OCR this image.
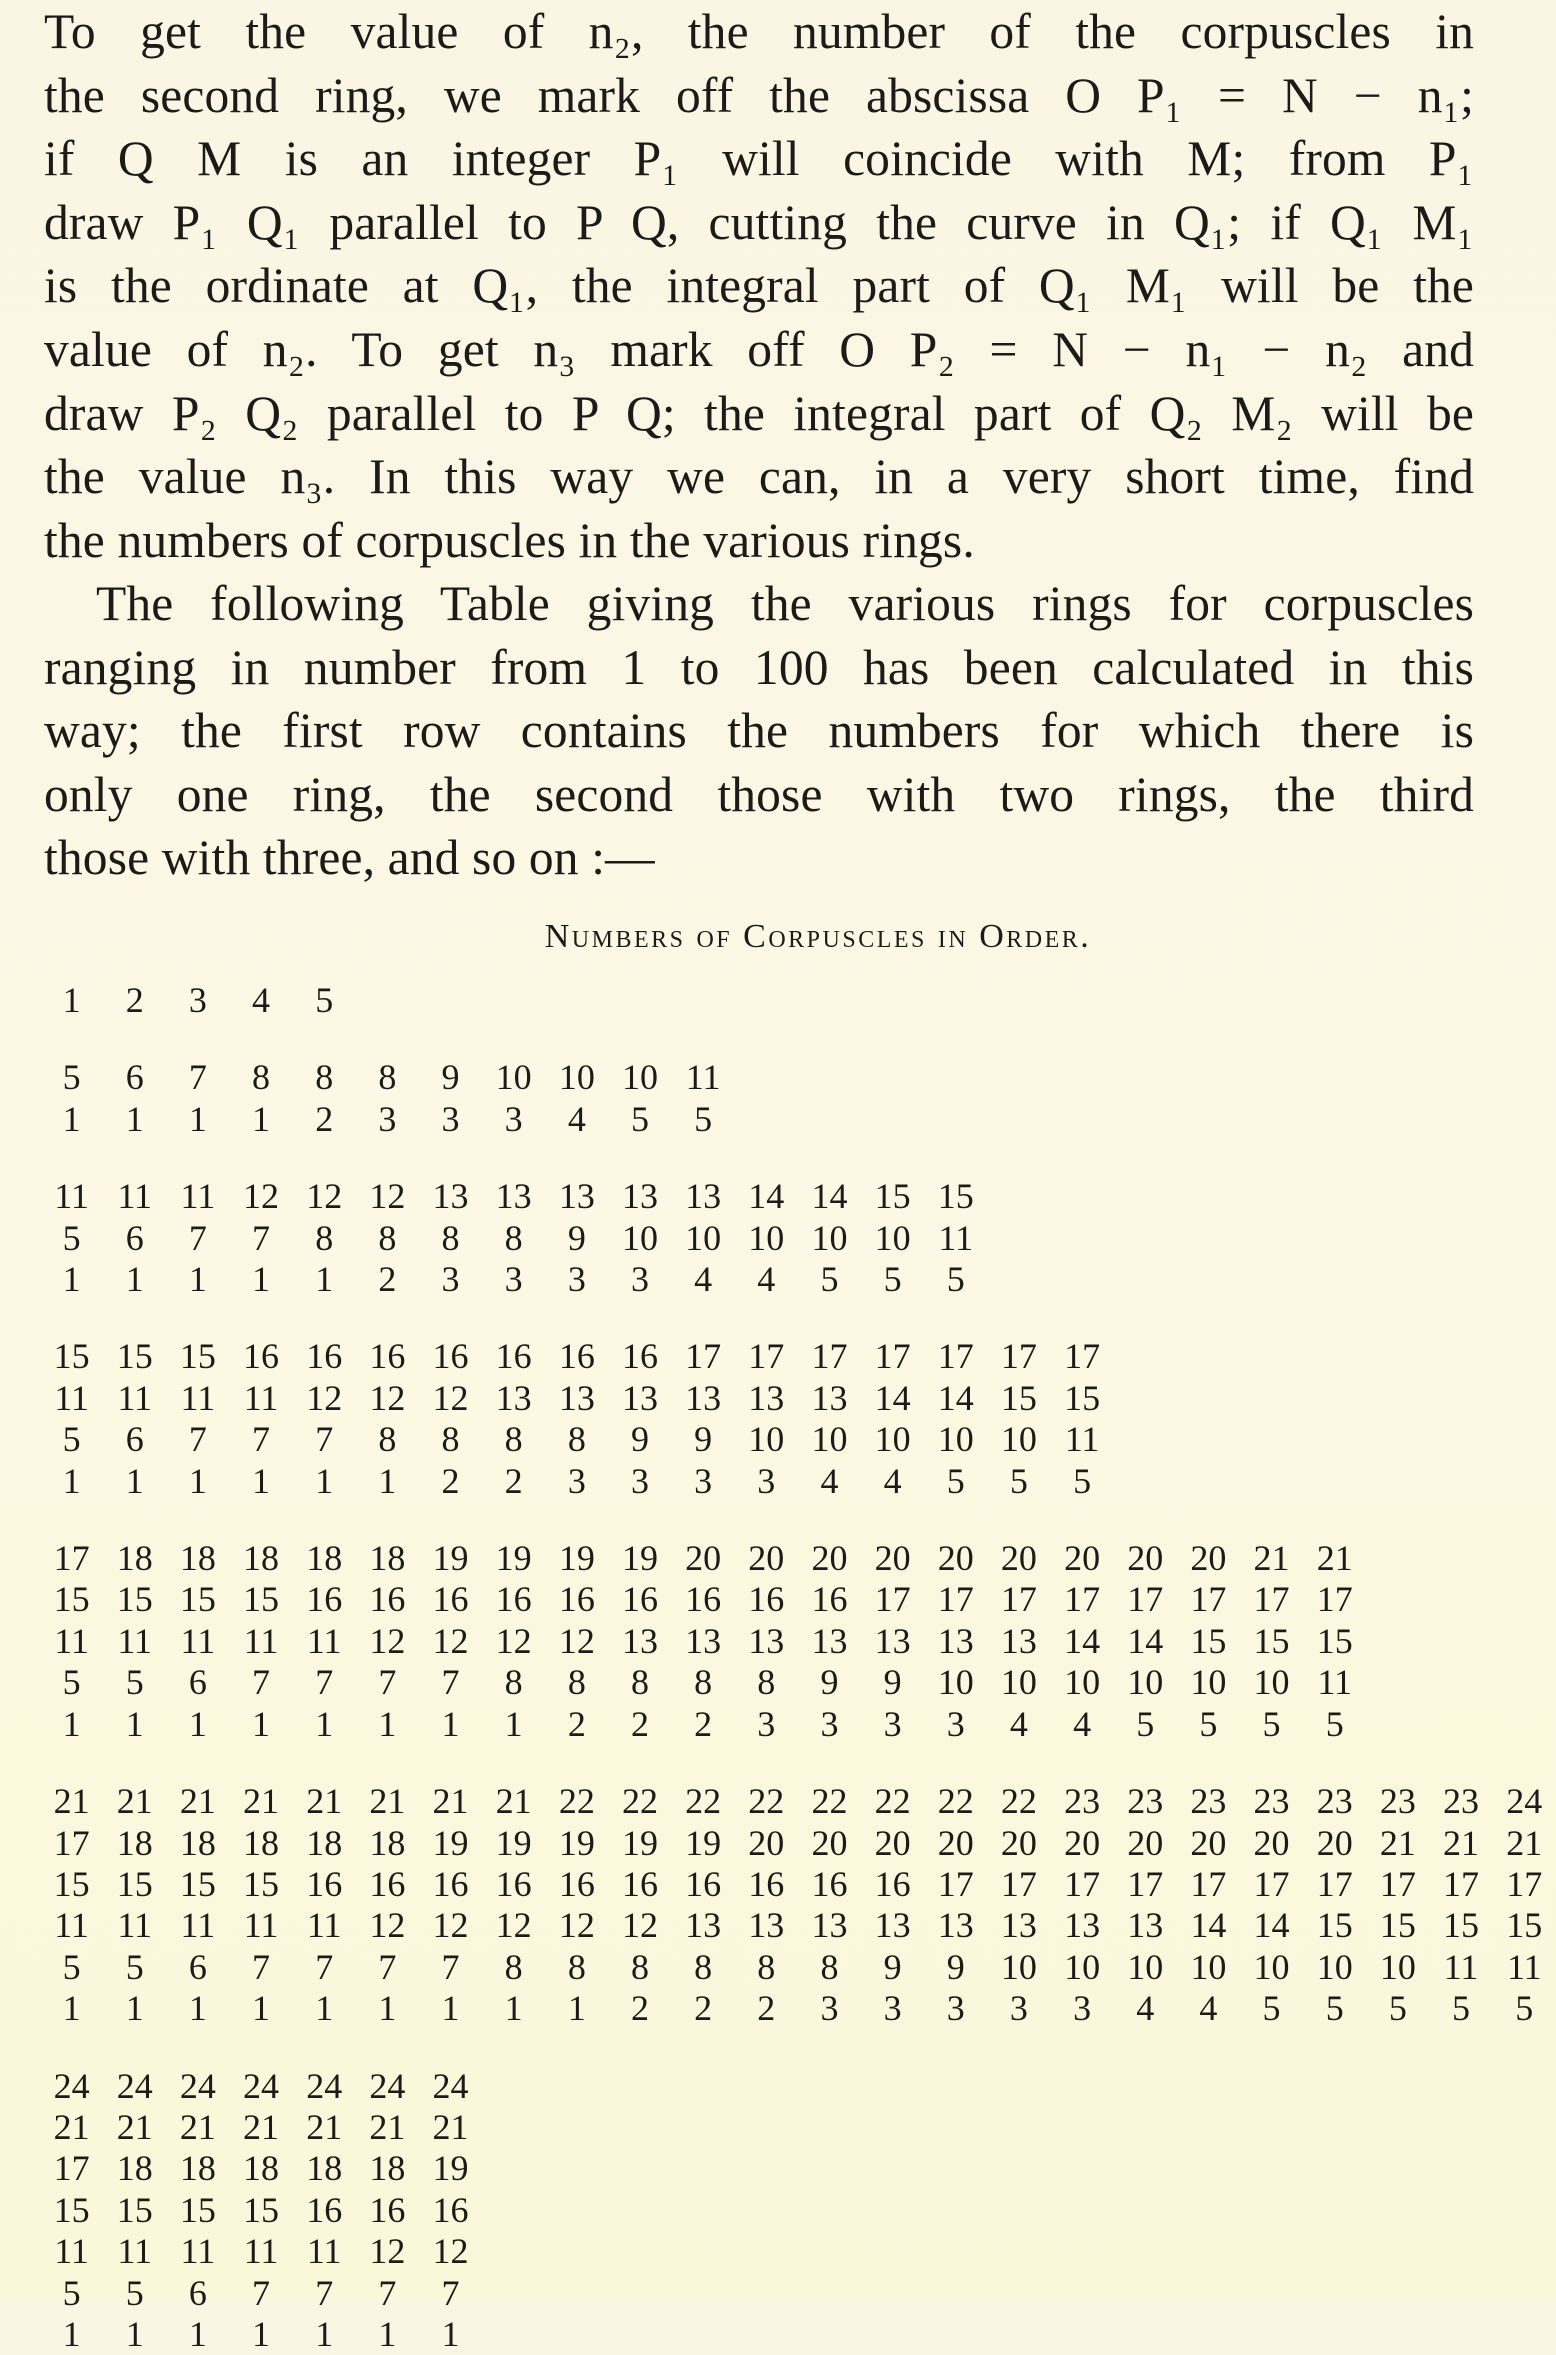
To get the value of n₂, the number of the corpuscles in
the second ring, we mark off the abscissa O P₁ = N − n₁;
if Q M is an integer P₁ will coincide with M; from P₁
draw P₁ Q₁ parallel to P Q, cutting the curve in Q₁; if Q₁ M₁
is the ordinate at Q₁, the integral part of Q₁ M₁ will be the
value of n₂. To get n₃ mark off O P₂ = N − n₁ − n₂ and
draw P₂ Q₂ parallel to P Q; the integral part of Q₂ M₂ will be
the value n₃. In this way we can, in a very short time, find
the numbers of corpuscles in the various rings.

The following Table giving the various rings for corpuscles
ranging in number from 1 to 100 has been calculated in this
way; the first row contains the numbers for which there is
only one ring, the second those with two rings, the third
those with three, and so on :—

Numbers of Corpuscles in Order.
1	2	3	4	5																			

5	6	7	8	8	8	9	10	10	10	11													
1	1	1	1	2	3	3	3	4	5	5													

11	11	11	12	12	12	13	13	13	13	13	14	14	15	15									
5	6	7	7	8	8	8	8	9	10	10	10	10	10	11									
1	1	1	1	1	2	3	3	3	3	4	4	5	5	5									

15	15	15	16	16	16	16	16	16	16	17	17	17	17	17	17	17							
11	11	11	11	12	12	12	13	13	13	13	13	13	14	14	15	15							
5	6	7	7	7	8	8	8	8	9	9	10	10	10	10	10	11							
1	1	1	1	1	1	2	2	3	3	3	3	4	4	5	5	5							

17	18	18	18	18	18	19	19	19	19	20	20	20	20	20	20	20	20	20	21	21			
15	15	15	15	16	16	16	16	16	16	16	16	16	17	17	17	17	17	17	17	17			
11	11	11	11	11	12	12	12	12	13	13	13	13	13	13	13	14	14	15	15	15			
5	5	6	7	7	7	7	8	8	8	8	8	9	9	10	10	10	10	10	10	11			
1	1	1	1	1	1	1	1	2	2	2	3	3	3	3	4	4	5	5	5	5			

21	21	21	21	21	21	21	21	22	22	22	22	22	22	22	22	23	23	23	23	23	23	23	24
17	18	18	18	18	18	19	19	19	19	19	20	20	20	20	20	20	20	20	20	20	21	21	21
15	15	15	15	16	16	16	16	16	16	16	16	16	16	17	17	17	17	17	17	17	17	17	17
11	11	11	11	11	12	12	12	12	12	13	13	13	13	13	13	13	13	14	14	15	15	15	15
5	5	6	7	7	7	7	8	8	8	8	8	8	9	9	10	10	10	10	10	10	10	11	11
1	1	1	1	1	1	1	1	1	2	2	2	3	3	3	3	3	4	4	5	5	5	5	5

24	24	24	24	24	24	24																	
21	21	21	21	21	21	21																	
17	18	18	18	18	18	19																	
15	15	15	15	16	16	16																	
11	11	11	11	11	12	12																	
5	5	6	7	7	7	7																	
1	1	1	1	1	1	1																	
